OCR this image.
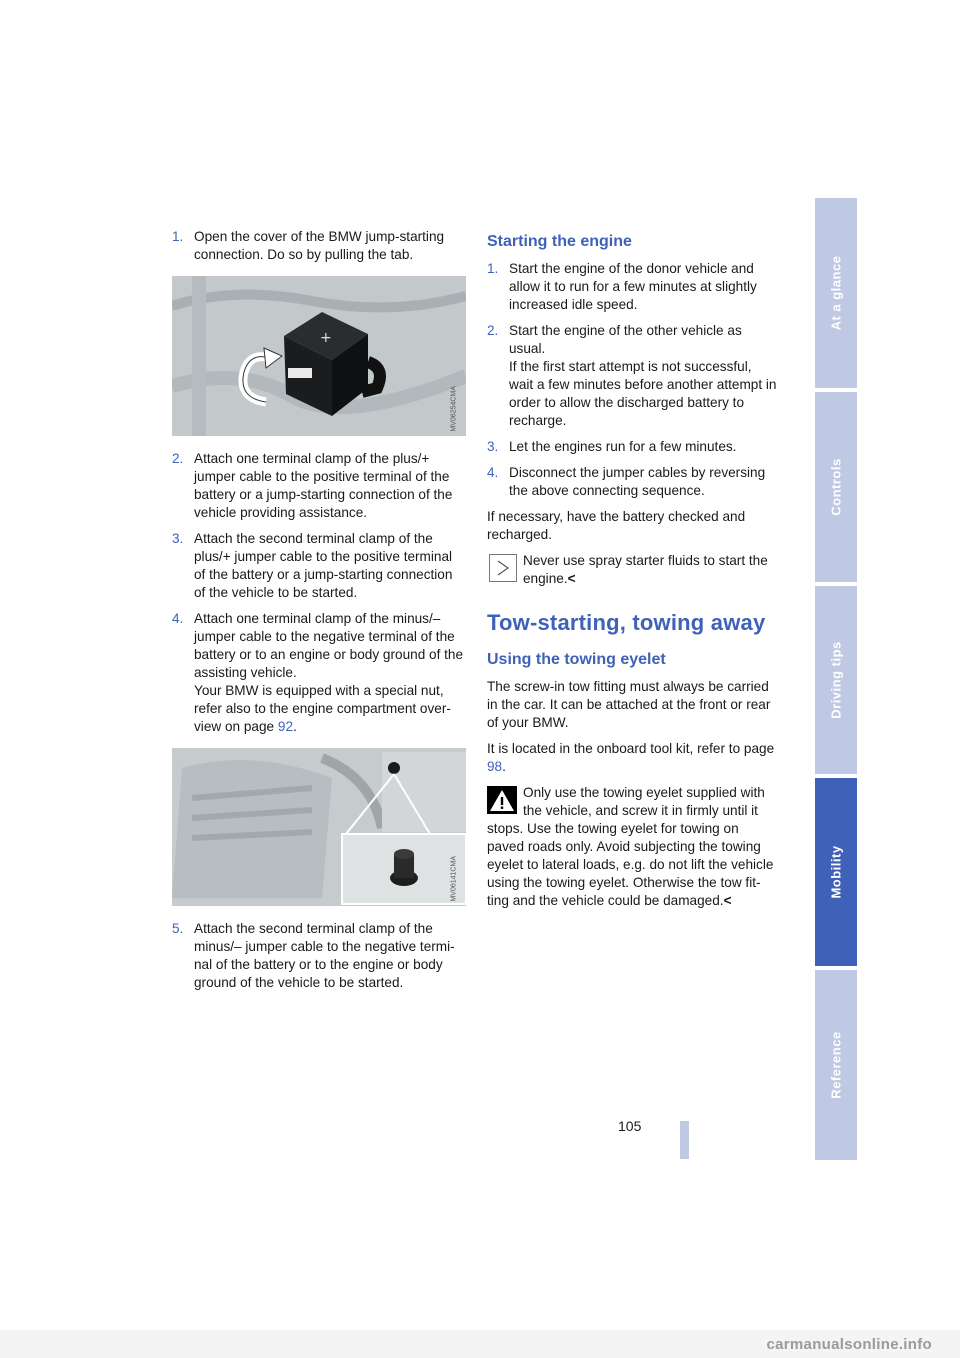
1. Open the cover of the BMW jump-starting connection. Do so by pulling the tab.
+
MV06254CMA
2. Attach one terminal clamp of the plus/+ jumper cable to the positive terminal of the battery or a jump-starting connection of the vehicle providing assistance.
3. Attach the second terminal clamp of the plus/+ jumper cable to the positive terminal of the battery or a jump-starting connection of the vehicle to be started.
4. Attach one terminal clamp of the minus/– jumper cable to the negative terminal of the battery or to an engine or body ground of the assisting vehicle.
Your BMW is equipped with a special nut, refer also to the engine compartment over-view on page 92.
MV06141CMA
5. Attach the second terminal clamp of the minus/– jumper cable to the negative termi-nal of the battery or to the engine or body ground of the vehicle to be started.
Starting the engine
1. Start the engine of the donor vehicle and allow it to run for a few minutes at slightly increased idle speed.
2. Start the engine of the other vehicle as usual.
If the first start attempt is not successful, wait a few minutes before another attempt in order to allow the discharged battery to recharge.
3. Let the engines run for a few minutes.
4. Disconnect the jumper cables by reversing the above connecting sequence.

If necessary, have the battery checked and recharged.

Never use spray starter fluids to start the engine.<
Tow-starting, towing away
Using the towing eyelet

The screw-in tow fitting must always be carried in the car. It can be attached at the front or rear of your BMW.

It is located in the onboard tool kit, refer to page 98.

Only use the towing eyelet supplied with the vehicle, and screw it in firmly until it
stops. Use the towing eyelet for towing on paved roads only. Avoid subjecting the towing eyelet to lateral loads, e.g. do not lift the vehicle using the towing eyelet. Otherwise the tow fit-ting and the vehicle could be damaged.<
At a glance
Controls
Driving tips
Mobility
Reference
105
carmanualsonline.info
